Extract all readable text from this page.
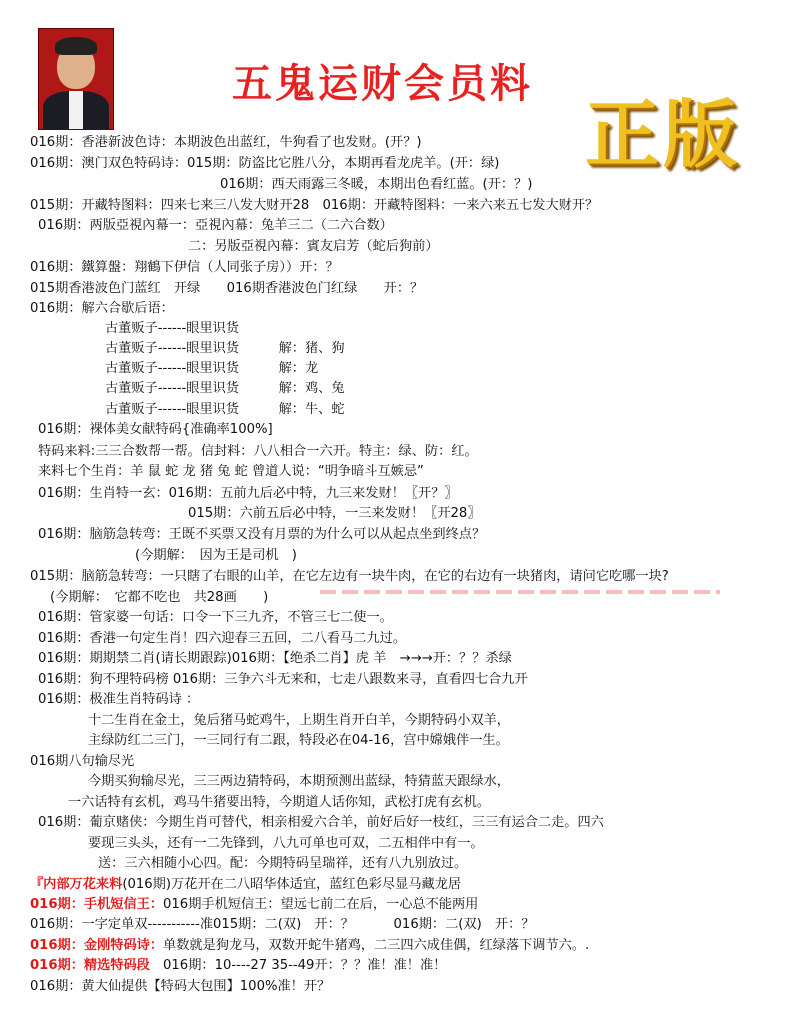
五鬼运财会员料
正版
016期：香港新波色诗：本期波色出蓝红，牛狗看了也发财。(开？)
016期：澳门双色特码诗：015期：防盗比它胜八分，本期再看龙虎羊。(开：绿)
016期：西天雨露三冬暖，本期出色看红蓝。(开：？)
015期：开藏特图料：四来七来三八发大财开28　016期：开藏特图料：一来六来五七发大财开？
016期：两版亞視內幕一：亞視內幕：兔羊三二（二六合数）
二：另版亞視內幕：賓友启芳（蛇后狗前）
016期：鐵算盤：翔鶴下伊信（人同张子房））开：？
015期香港波色门蓝红　开绿　　016期香港波色门红绿　　开：？
016期：解六合歇后语：
古董贩子------眼里识货
古董贩子------眼里识货　　　解：猪、狗
古董贩子------眼里识货　　　解：龙
古董贩子------眼里识货　　　解：鸡、兔
古董贩子------眼里识货　　　解：牛、蛇
016期：裸体美女献特码{准确率100%]
特码来料:三三合数帮一帮。信封料：八八相合一六开。特主：绿、防：红。
来料七个生肖：羊 鼠 蛇 龙 猪 兔 蛇 曾道人说：“明争暗斗互嫉忌”
016期：生肖特一玄：016期：五前九后必中特，九三来发财！〖开？〗
015期：六前五后必中特，一三来发财！〖开28〗
016期：脑筋急转弯：王既不买票又没有月票的为什么可以从起点坐到终点？
(今期解：　因为王是司机　)
015期：脑筋急转弯：一只瞎了右眼的山羊，在它左边有一块牛肉，在它的右边有一块猪肉，请问它吃哪一块?
(今期解：　它都不吃也　共28画　　)
016期：管家婆一句话：口令一下三九齐，不管三七二使一。
016期：香港一句定生肖！四六迎春三五回，二八看马二九过。
016期：期期禁二肖(请长期跟踪)016期：【绝杀二肖】虎 羊　→→→开：？？杀绿
016期：狗不理特码榜 016期：三争六斗无来和，七走八跟数来寻，直看四七合九开
016期：极准生肖特码诗 ：
十二生肖在金土，兔后猪马蛇鸡牛，上期生肖开白羊，今期特码小双羊，
主绿防红二三门，一三同行有二跟，特段必在04-16，宫中嫦娥伴一生。
016期八句输尽光
今期买狗输尽光，三三两边猜特码，本期预测出蓝绿，特猜蓝天跟绿水，
一六话特有玄机，鸡马牛猪要出特，今期道人话你知，武松打虎有玄机。
016期：葡京赌侠：今期生肖可替代，相亲相爱六合羊，前好后好一枝红，三三有运合二走。四六
要现三头头，还有一二先锋到，八九可单也可双，二五相伴中有一。
送：三六相随小心四。配：今期特码呈瑞祥，还有八九别放过。
『内部万花来料(016期)万花开在二八昭华体适宜，蓝红色彩尽显马藏龙居
016期：手机短信王：016期手机短信王：望远七前二在后，一心总不能两用
016期：一字定单双-----------准015期：二(双)　开：？　　　016期：二(双)　开：？
016期：金刚特码诗：单数就是狗龙马，双数开蛇牛猪鸡，二三四六成佳偶，红绿落下调节六。.
016期：精选特码段　016期：10----27 35--49开：？？准！准！准！
016期：黄大仙提供【特码大包围】100%准！开？
